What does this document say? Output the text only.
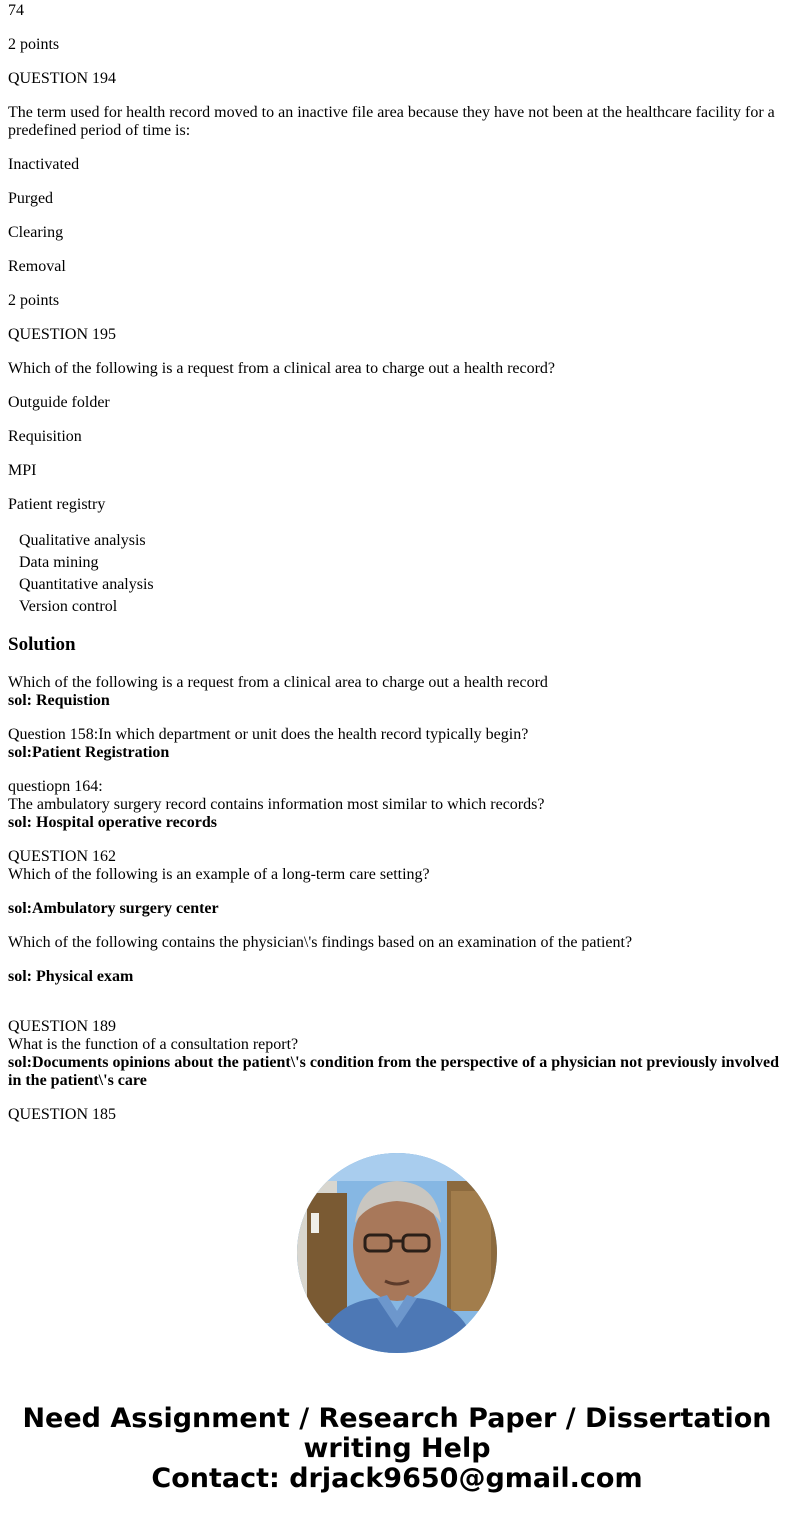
74
2 points
QUESTION 194
The term used for health record moved to an inactive file area because they have not been at the healthcare facility for a predefined period of time is:
Inactivated
Purged
Clearing
Removal
2 points
QUESTION 195
Which of the following is a request from a clinical area to charge out a health record?
Outguide folder
Requisition
MPI
Patient registry
Qualitative analysis
Data mining
Quantitative analysis
Version control
Solution
Which of the following is a request from a clinical area to charge out a health record
sol: Requistion
Question 158:In which department or unit does the health record typically begin?
sol:Patient Registration
questiopn 164:
The ambulatory surgery record contains information most similar to which records?
sol: Hospital operative records
QUESTION 162
Which of the following is an example of a long-term care setting?
sol:Ambulatory surgery center
Which of the following contains the physician\'s findings based on an examination of the patient?
sol: Physical exam
QUESTION 189
What is the function of a consultation report?
sol:Documents opinions about the patient\'s condition from the perspective of a physician not previously involved in the patient\'s care
QUESTION 185
Need Assignment / Research Paper / Dissertation
writing Help
Contact: drjack9650@gmail.com
